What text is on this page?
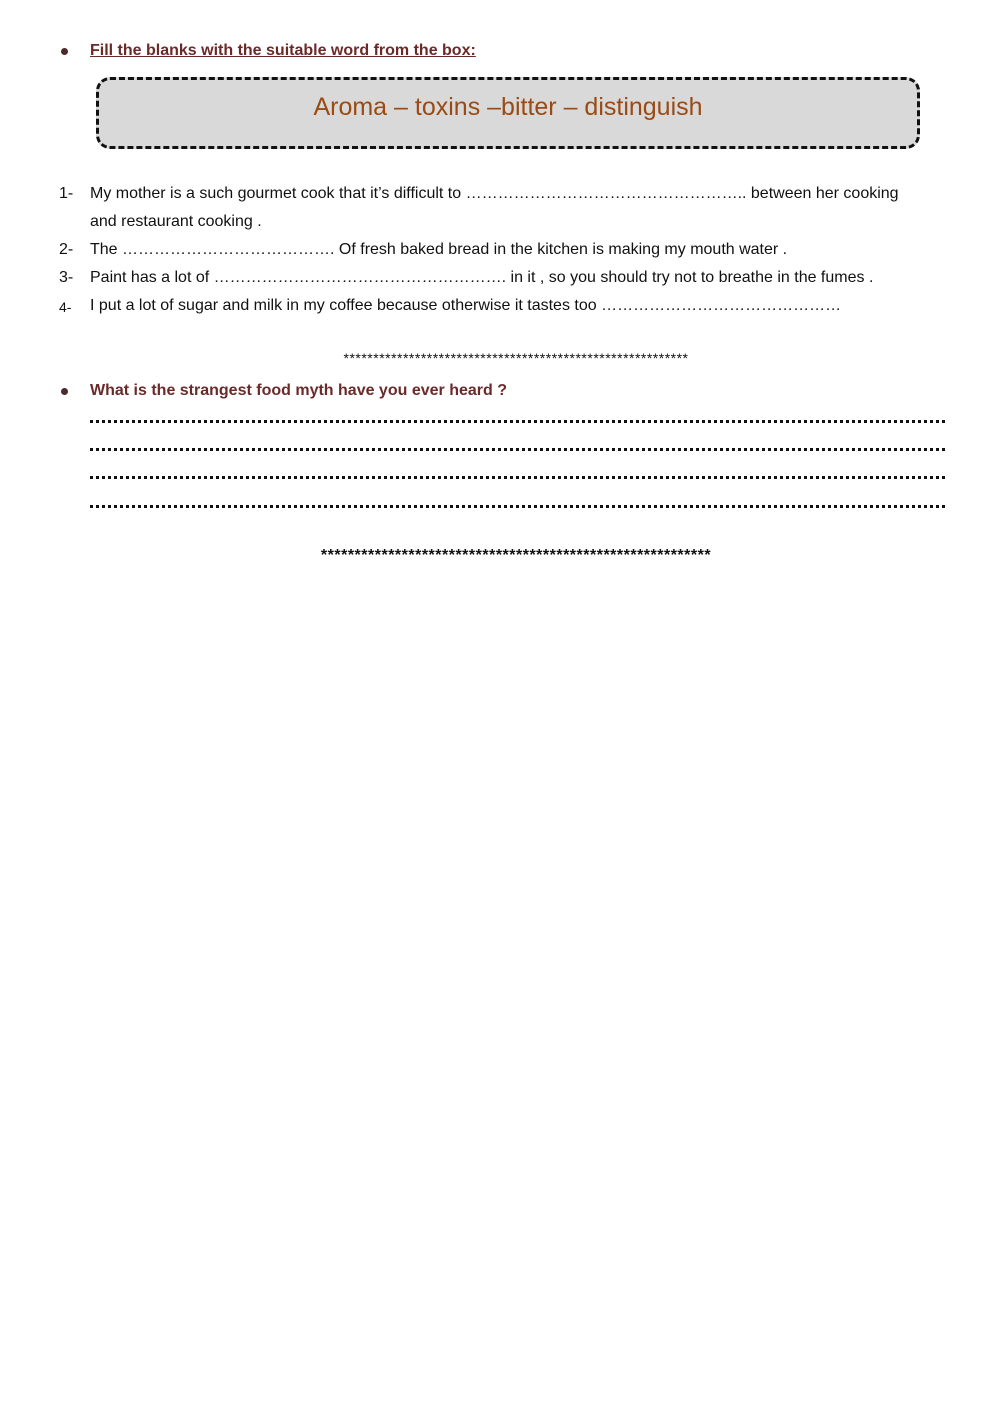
Fill the blanks with the suitable word from the box:
Aroma – toxins –bitter – distinguish
1- My mother is a such gourmet cook that it’s difficult to …………………………………………….. between her cooking
and restaurant cooking .
2- The …………………………………. Of fresh baked bread in the kitchen is making my mouth water .
3- Paint has a lot of ………………………………………………. in it , so you should try not to breathe in the fumes .
4- I put a lot of sugar and milk in my coffee because otherwise it tastes too ………………………………………
**********************************************************
What is the strangest food myth have you ever heard ?
**********************************************************
